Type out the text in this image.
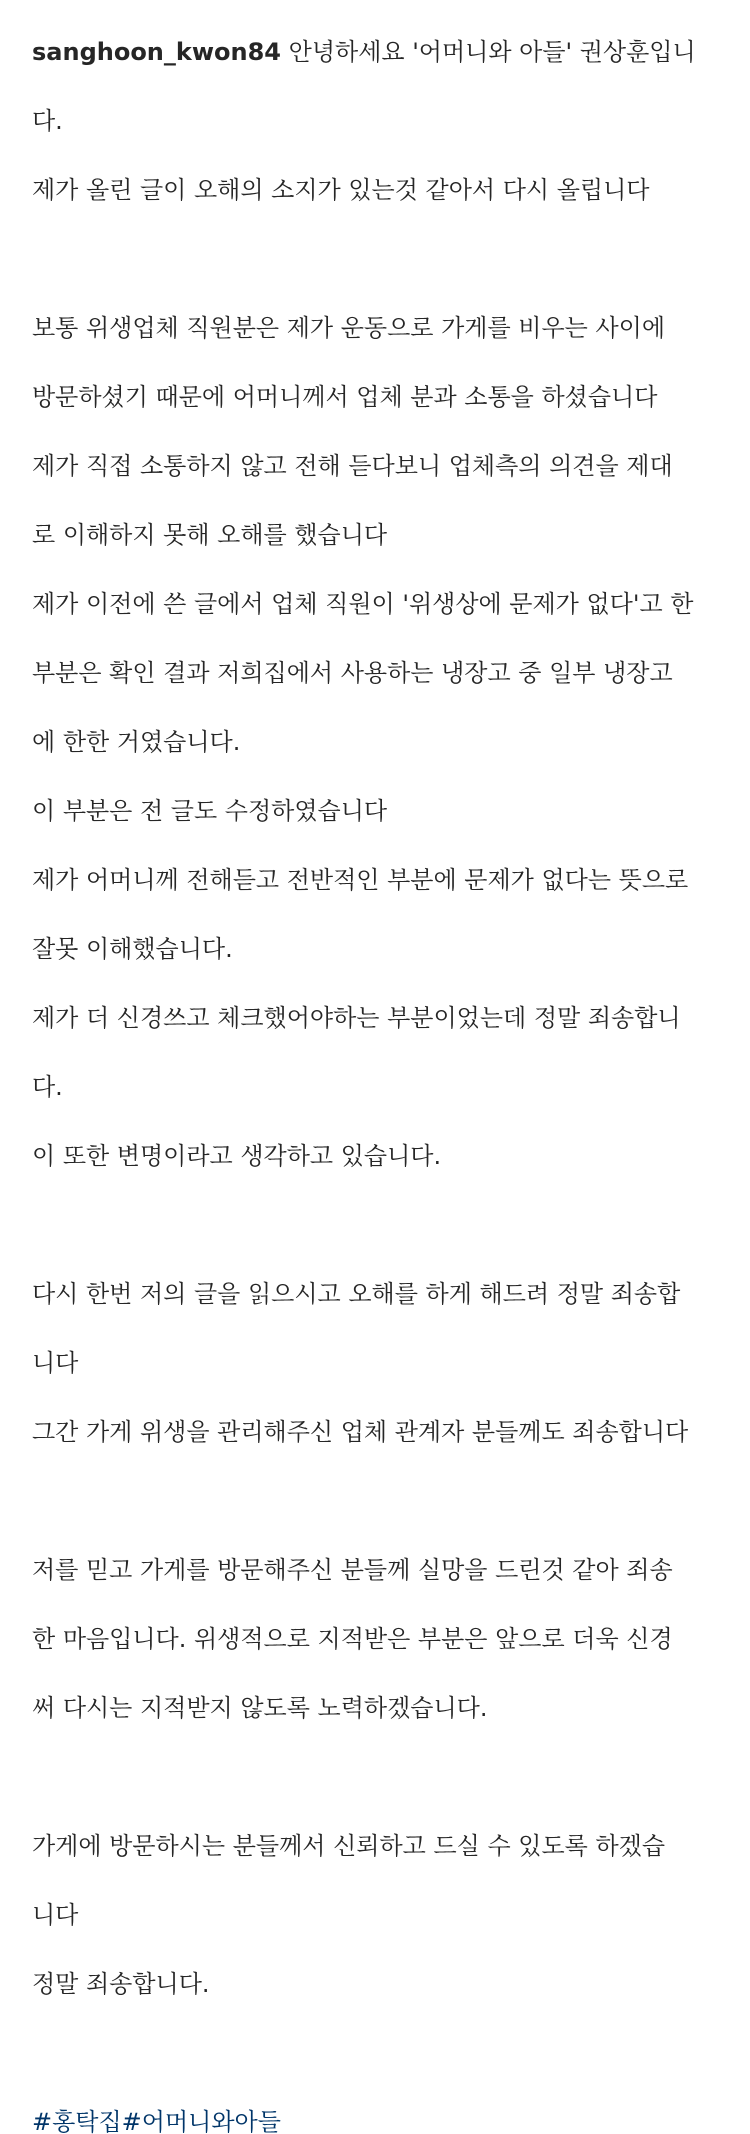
sanghoon_kwon84 안녕하세요 '어머니와 아들' 권상훈입니

다.

제가 올린 글이 오해의 소지가 있는것 같아서 다시 올립니다

보통 위생업체 직원분은 제가 운동으로 가게를 비우는 사이에

방문하셨기 때문에 어머니께서 업체 분과 소통을 하셨습니다

제가 직접 소통하지 않고 전해 듣다보니 업체측의 의견을 제대

로 이해하지 못해 오해를 했습니다

제가 이전에 쓴 글에서 업체 직원이 '위생상에 문제가 없다'고 한

부분은 확인 결과 저희집에서 사용하는 냉장고 중 일부 냉장고

에 한한 거였습니다.

이 부분은 전 글도 수정하였습니다

제가 어머니께 전해듣고 전반적인 부분에 문제가 없다는 뜻으로

잘못 이해했습니다.

제가 더 신경쓰고 체크했어야하는 부분이었는데 정말 죄송합니

다.

이 또한 변명이라고 생각하고 있습니다.

다시 한번 저의 글을 읽으시고 오해를 하게 해드려 정말 죄송합

니다

그간 가게 위생을 관리해주신 업체 관계자 분들께도 죄송합니다

저를 믿고 가게를 방문해주신 분들께 실망을 드린것 같아 죄송

한 마음입니다. 위생적으로 지적받은 부분은 앞으로 더욱 신경

써 다시는 지적받지 않도록 노력하겠습니다.

가게에 방문하시는 분들께서 신뢰하고 드실 수 있도록 하겠습

니다

정말 죄송합니다.

#홍탁집#어머니와아들
